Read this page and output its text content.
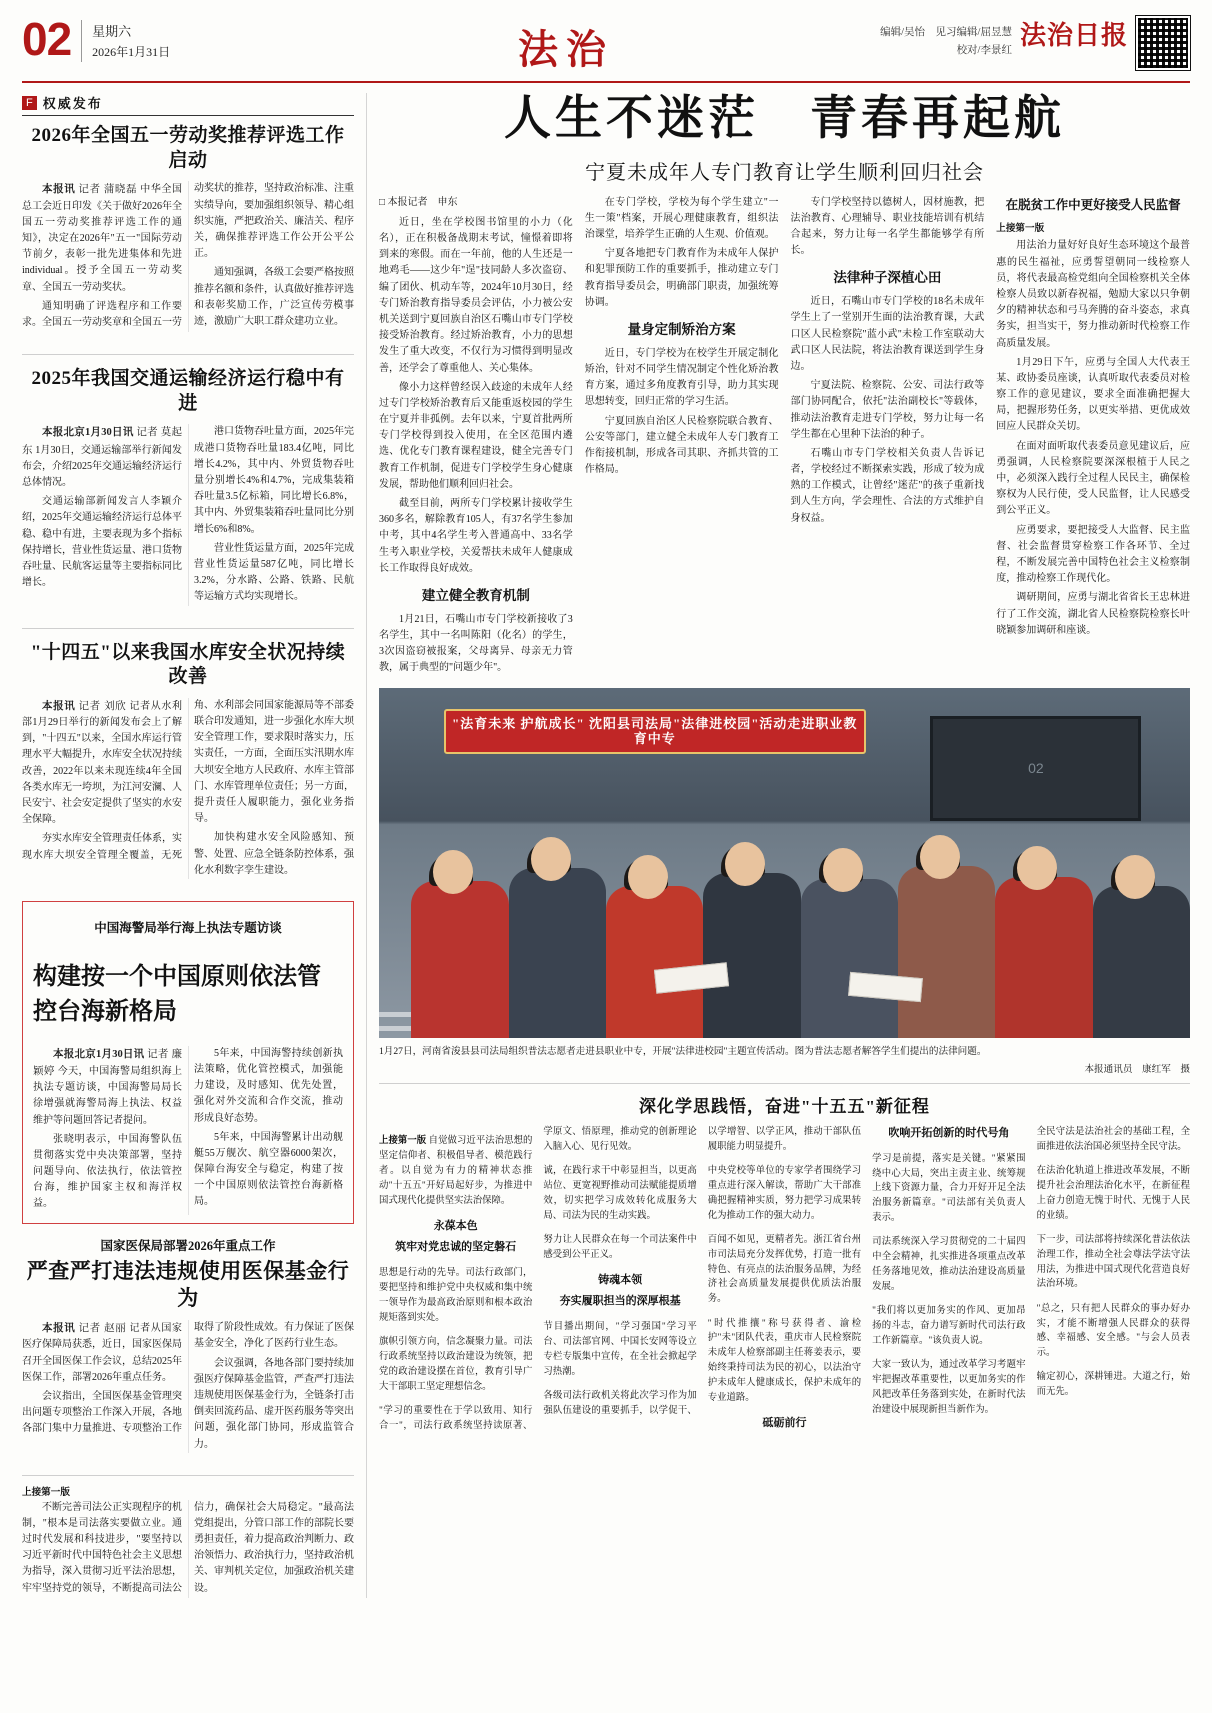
02 星期六
2026年1月31日	法治	编辑/吴怡　见习编辑/屈昱慧
校对/李景红
法治日报
F 权威发布
2026年全国五一劳动奖推荐评选工作启动

本报讯 记者 蒲晓磊 中华全国总工会近日印发《关于做好2026年全国五一劳动奖推荐评选工作的通知》，决定在2026年"五一"国际劳动节前夕，表彰一批先进集体和先进individual。授予全国五一劳动奖章、全国五一劳动奖状。

通知明确了评选程序和工作要求。全国五一劳动奖章和全国五一劳动奖状的推荐，坚持政治标准、注重实绩导向，要加强组织领导、精心组织实施，严把政治关、廉洁关、程序关，确保推荐评选工作公开公平公正。

通知强调，各级工会要严格按照推荐名额和条件，认真做好推荐评选和表彰奖励工作，广泛宣传劳模事迹，激励广大职工群众建功立业。

2025年我国交通运输经济运行稳中有进

本报北京1月30日讯 记者 莫起东 1月30日，交通运输部举行新闻发布会，介绍2025年交通运输经济运行总体情况。

交通运输部新闻发言人李颖介绍，2025年交通运输经济运行总体平稳、稳中有进，主要表现为多个指标保持增长，营业性货运量、港口货物吞吐量、民航客运量等主要指标同比增长。

港口货物吞吐量方面，2025年完成港口货物吞吐量183.4亿吨，同比增长4.2%，其中内、外贸货物吞吐量分别增长4%和4.7%，完成集装箱吞吐量3.5亿标箱，同比增长6.8%，其中内、外贸集装箱吞吐量同比分别增长6%和8%。

营业性货运量方面，2025年完成营业性货运量587亿吨，同比增长3.2%，分水路、公路、铁路、民航等运输方式均实现增长。

"十四五"以来我国水库安全状况持续改善

本报讯 记者 刘欣 记者从水利部1月29日举行的新闻发布会上了解到，"十四五"以来，全国水库运行管理水平大幅提升，水库安全状况持续改善，2022年以来未现连续4年全国各类水库无一垮坝，为江河安澜、人民安宁、社会安定提供了坚实的水安全保障。

夯实水库安全管理责任体系，实现水库大坝安全管理全覆盖，无死角、水利部会同国家能源局等不部委联合印发通知，进一步强化水库大坝安全管理工作，要求限时落实力，压实责任，一方面，全面压实汛期水库大坝安全地方人民政府、水库主管部门、水库管理单位责任；另一方面，提升责任人履职能力，强化业务指导。

加快构建水安全风险感知、预警、处置、应急全链条防控体系，强化水利数字孪生建设。

中国海警局举行海上执法专题访谈
构建按一个中国原则依法管控台海新格局

本报北京1月30日讯 记者 廉颖婷 今天，中国海警局组织海上执法专题访谈，中国海警局局长徐增强就海警局海上执法、权益维护等问题回答记者提问。

张晓明表示，中国海警队伍贯彻落实党中央决策部署，坚持问题导向、依法执行，依法管控台海，维护国家主权和海洋权益。

5年来，中国海警持续创新执法策略，优化管控模式，加强能力建设，及时感知、优先处置，强化对外交流和合作交流，推动形成良好态势。

5年来，中国海警累计出动舰艇55万舰次、航空器6000架次，保障台海安全与稳定，构建了按一个中国原则依法管控台海新格局。

国家医保局部署2026年重点工作
严查严打违法违规使用医保基金行为

本报讯 记者 赵丽 记者从国家医疗保障局获悉，近日，国家医保局召开全国医保工作会议，总结2025年医保工作，部署2026年重点任务。

会议指出，全国医保基金管理突出问题专项整治工作深入开展，各地各部门集中力量推进、专项整治工作取得了阶段性成效。有力保证了医保基金安全，净化了医药行业生态。

会议强调，各地各部门要持续加强医疗保障基金监管，严查严打违法违规使用医保基金行为，全链条打击倒卖回流药品、虚开医药服务等突出问题，强化部门协同，形成监管合力。

上接第一版

不断完善司法公正实现程序的机制，"根本是司法落实要做立业。通过时代发展和科技进步，"要坚持以习近平新时代中国特色社会主义思想为指导，深入贯彻习近平法治思想，牢牢坚持党的领导，不断提高司法公信力，确保社会大局稳定。"最高法党组提出，分管口部工作的部院长要勇担责任，着力提高政治判断力、政治领悟力、政治执行力，坚持政治机关、审判机关定位，加强政治机关建设。

人生不迷茫　青春再起航
宁夏未成年人专门教育让学生顺利回归社会
□ 本报记者　申东

近日，坐在学校图书馆里的小力（化名），正在积极备战期末考试，憧憬着即将到来的寒假。而在一年前，他的人生还是一地鸡毛——这少年"逞"技同龄人多次盗窃、编了团伙、机动车等，2024年10月30日，经专门矫治教育指导委员会评估，小力被公安机关送到宁夏回族自治区石嘴山市专门学校接受矫治教育。经过矫治教育，小力的思想发生了重大改变，不仅行为习惯得到明显改善，还学会了尊重他人、关心集体。

像小力这样曾经误入歧途的未成年人经过专门学校矫治教育后又能重返校园的学生在宁夏并非孤例。去年以来，宁夏首批两所专门学校得到投入使用，在全区范围内遴选、优化专门教育课程建设，健全完善专门教育工作机制，促进专门学校学生身心健康发展，帮助他们顺利回归社会。

截至目前，两所专门学校累计接收学生360多名，解除教育105人，有37名学生参加中考，其中4名学生考入普通高中、33名学生考入职业学校，关爱帮扶未成年人健康成长工作取得良好成效。

建立健全教育机制

1月21日，石嘴山市专门学校新接收了3名学生，其中一名叫陈阳（化名）的学生，3次因盗窃被报案，父母离异、母亲无力管教，属于典型的"问题少年"。

在专门学校，学校为每个学生建立"一生一策"档案，开展心理健康教育，组织法治课堂，培养学生正确的人生观、价值观。

宁夏各地把专门教育作为未成年人保护和犯罪预防工作的重要抓手，推动建立专门教育指导委员会，明确部门职责，加强统筹协调。

量身定制矫治方案

近日，专门学校为在校学生开展定制化矫治，针对不同学生情况制定个性化矫治教育方案，通过多角度教育引导，助力其实现思想转变，回归正常的学习生活。

宁夏回族自治区人民检察院联合教育、公安等部门，建立健全未成年人专门教育工作衔接机制，形成各司其职、齐抓共管的工作格局。

专门学校坚持以德树人，因材施教，把法治教育、心理辅导、职业技能培训有机结合起来，努力让每一名学生都能够学有所长。

法律种子深植心田

近日，石嘴山市专门学校的18名未成年学生上了一堂别开生面的法治教育课，大武口区人民检察院"蓝小武"未检工作室联动大武口区人民法院，将法治教育课送到学生身边。

宁夏法院、检察院、公安、司法行政等部门协同配合，依托"法治副校长"等载体，推动法治教育走进专门学校，努力让每一名学生都在心里种下法治的种子。

石嘴山市专门学校相关负责人告诉记者，学校经过不断探索实践，形成了较为成熟的工作模式，让曾经"迷茫"的孩子重新找到人生方向，学会理性、合法的方式维护自身权益。

在脱贫工作中更好接受人民监督
上接第一版

用法治力量好好良好生态环境这个最普惠的民生福祉，应勇誓望朝同一线检察人员，将代表最高检党组向全国检察机关全体检察人员致以新春祝福，勉励大家以只争朝夕的精神状态和弓马奔腾的奋斗姿态，求真务实，担当实干，努力推动新时代检察工作高质量发展。

1月29日下午，应勇与全国人大代表王某、政协委员座谈，认真听取代表委员对检察工作的意见建议，要求全面准确把握大局，把握形势任务，以更实举措、更优成效回应人民群众关切。

在面对面听取代表委员意见建议后，应勇强调，人民检察院要深深根植于人民之中，必须深入践行全过程人民民主，确保检察权为人民行使，受人民监督，让人民感受到公平正义。

应勇要求，要把接受人大监督、民主监督、社会监督贯穿检察工作各环节、全过程，不断发展完善中国特色社会主义检察制度，推动检察工作现代化。

调研期间，应勇与湖北省省长王忠林进行了工作交流，湖北省人民检察院检察长叶晓颖参加调研和座谈。

"法育未来 护航成长" 沈阳县司法局"法律进校园"活动走进职业教育中专
02
1月27日，河南省浚县县司法局组织普法志愿者走进县职业中专，开展"法律进校园"主题宣传活动。图为普法志愿者解答学生们提出的法律问题。
本报通讯员　康红军　摄
深化学思践悟，奋进"十五五"新征程

上接第一版 自觉做习近平法治思想的坚定信仰者、积极倡导者、模范践行者。以自觉为有力的精神状态推动"十五五"开好局起好步，为推进中国式现代化提供坚实法治保障。

永葆本色
筑牢对党忠诚的坚定磐石

思想是行动的先导。司法行政部门，要把坚持和维护党中央权威和集中统一领导作为最高政治原则和根本政治规矩落到实处。

旗帜引领方向，信念凝聚力量。司法行政系统坚持以政治建设为统领，把党的政治建设摆在首位，教育引导广大干部职工坚定理想信念。

"学习的重要性在于学以致用、知行合一"，司法行政系统坚持读原著、学原文、悟原理，推动党的创新理论入脑入心、见行见效。

诚，在践行求干中彰显担当，以更高站位、更宽视野推动司法赋能提质增效，切实把学习成效转化成服务大局、司法为民的生动实践。

努力让人民群众在每一个司法案件中感受到公平正义。

铸魂本领
夯实履职担当的深厚根基

节目播出期间，"学习强国"学习平台、司法部官网、中国长安网等设立专栏专版集中宣传，在全社会掀起学习热潮。

各级司法行政机关将此次学习作为加强队伍建设的重要抓手，以学促干、以学增智、以学正风，推动干部队伍履职能力明显提升。

中央党校等单位的专家学者围绕学习重点进行深入解读，帮助广大干部准确把握精神实质，努力把学习成果转化为推动工作的强大动力。

百闻不如见，更精者先。浙江省台州市司法局充分发挥优势，打造一批有特色、有亮点的法治服务品牌，为经济社会高质量发展提供优质法治服务。

"时代推攘"称号获得者、渝检护"未"团队代表，重庆市人民检察院未成年人检察部副主任蒋姜表示，要始终秉持司法为民的初心，以法治守护未成年人健康成长，保护未成年的专业道路。

砥砺前行
吹响开拓创新的时代号角

学习是前提，落实是关键。"紧紧围绕中心大局，突出主责主业、统筹规上线下资源力量，合力开好开足全法治服务新篇章。"司法部有关负责人表示。

司法系统深入学习贯彻党的二十届四中全会精神，扎实推进各项重点改革任务落地见效，推动法治建设高质量发展。

"我们将以更加务实的作风、更加昂扬的斗志，奋力谱写新时代司法行政工作新篇章。"该负责人说。

大家一致认为，通过改革学习考题牢牢把握改革重要性，以更加务实的作风把改革任务落到实处，在新时代法治建设中展现新担当新作为。

全民守法是法治社会的基础工程，全面推进依法治国必须坚持全民守法。

在法治化轨道上推进改革发展，不断提升社会治理法治化水平，在新征程上奋力创造无愧于时代、无愧于人民的业绩。

下一步，司法部将持续深化普法依法治理工作，推动全社会尊法学法守法用法，为推进中国式现代化营造良好法治环境。

"总之，只有把人民群众的事办好办实，才能不断增强人民群众的获得感、幸福感、安全感。"与会人员表示。

输定初心，深耕锤进。大道之行，始而无先。
